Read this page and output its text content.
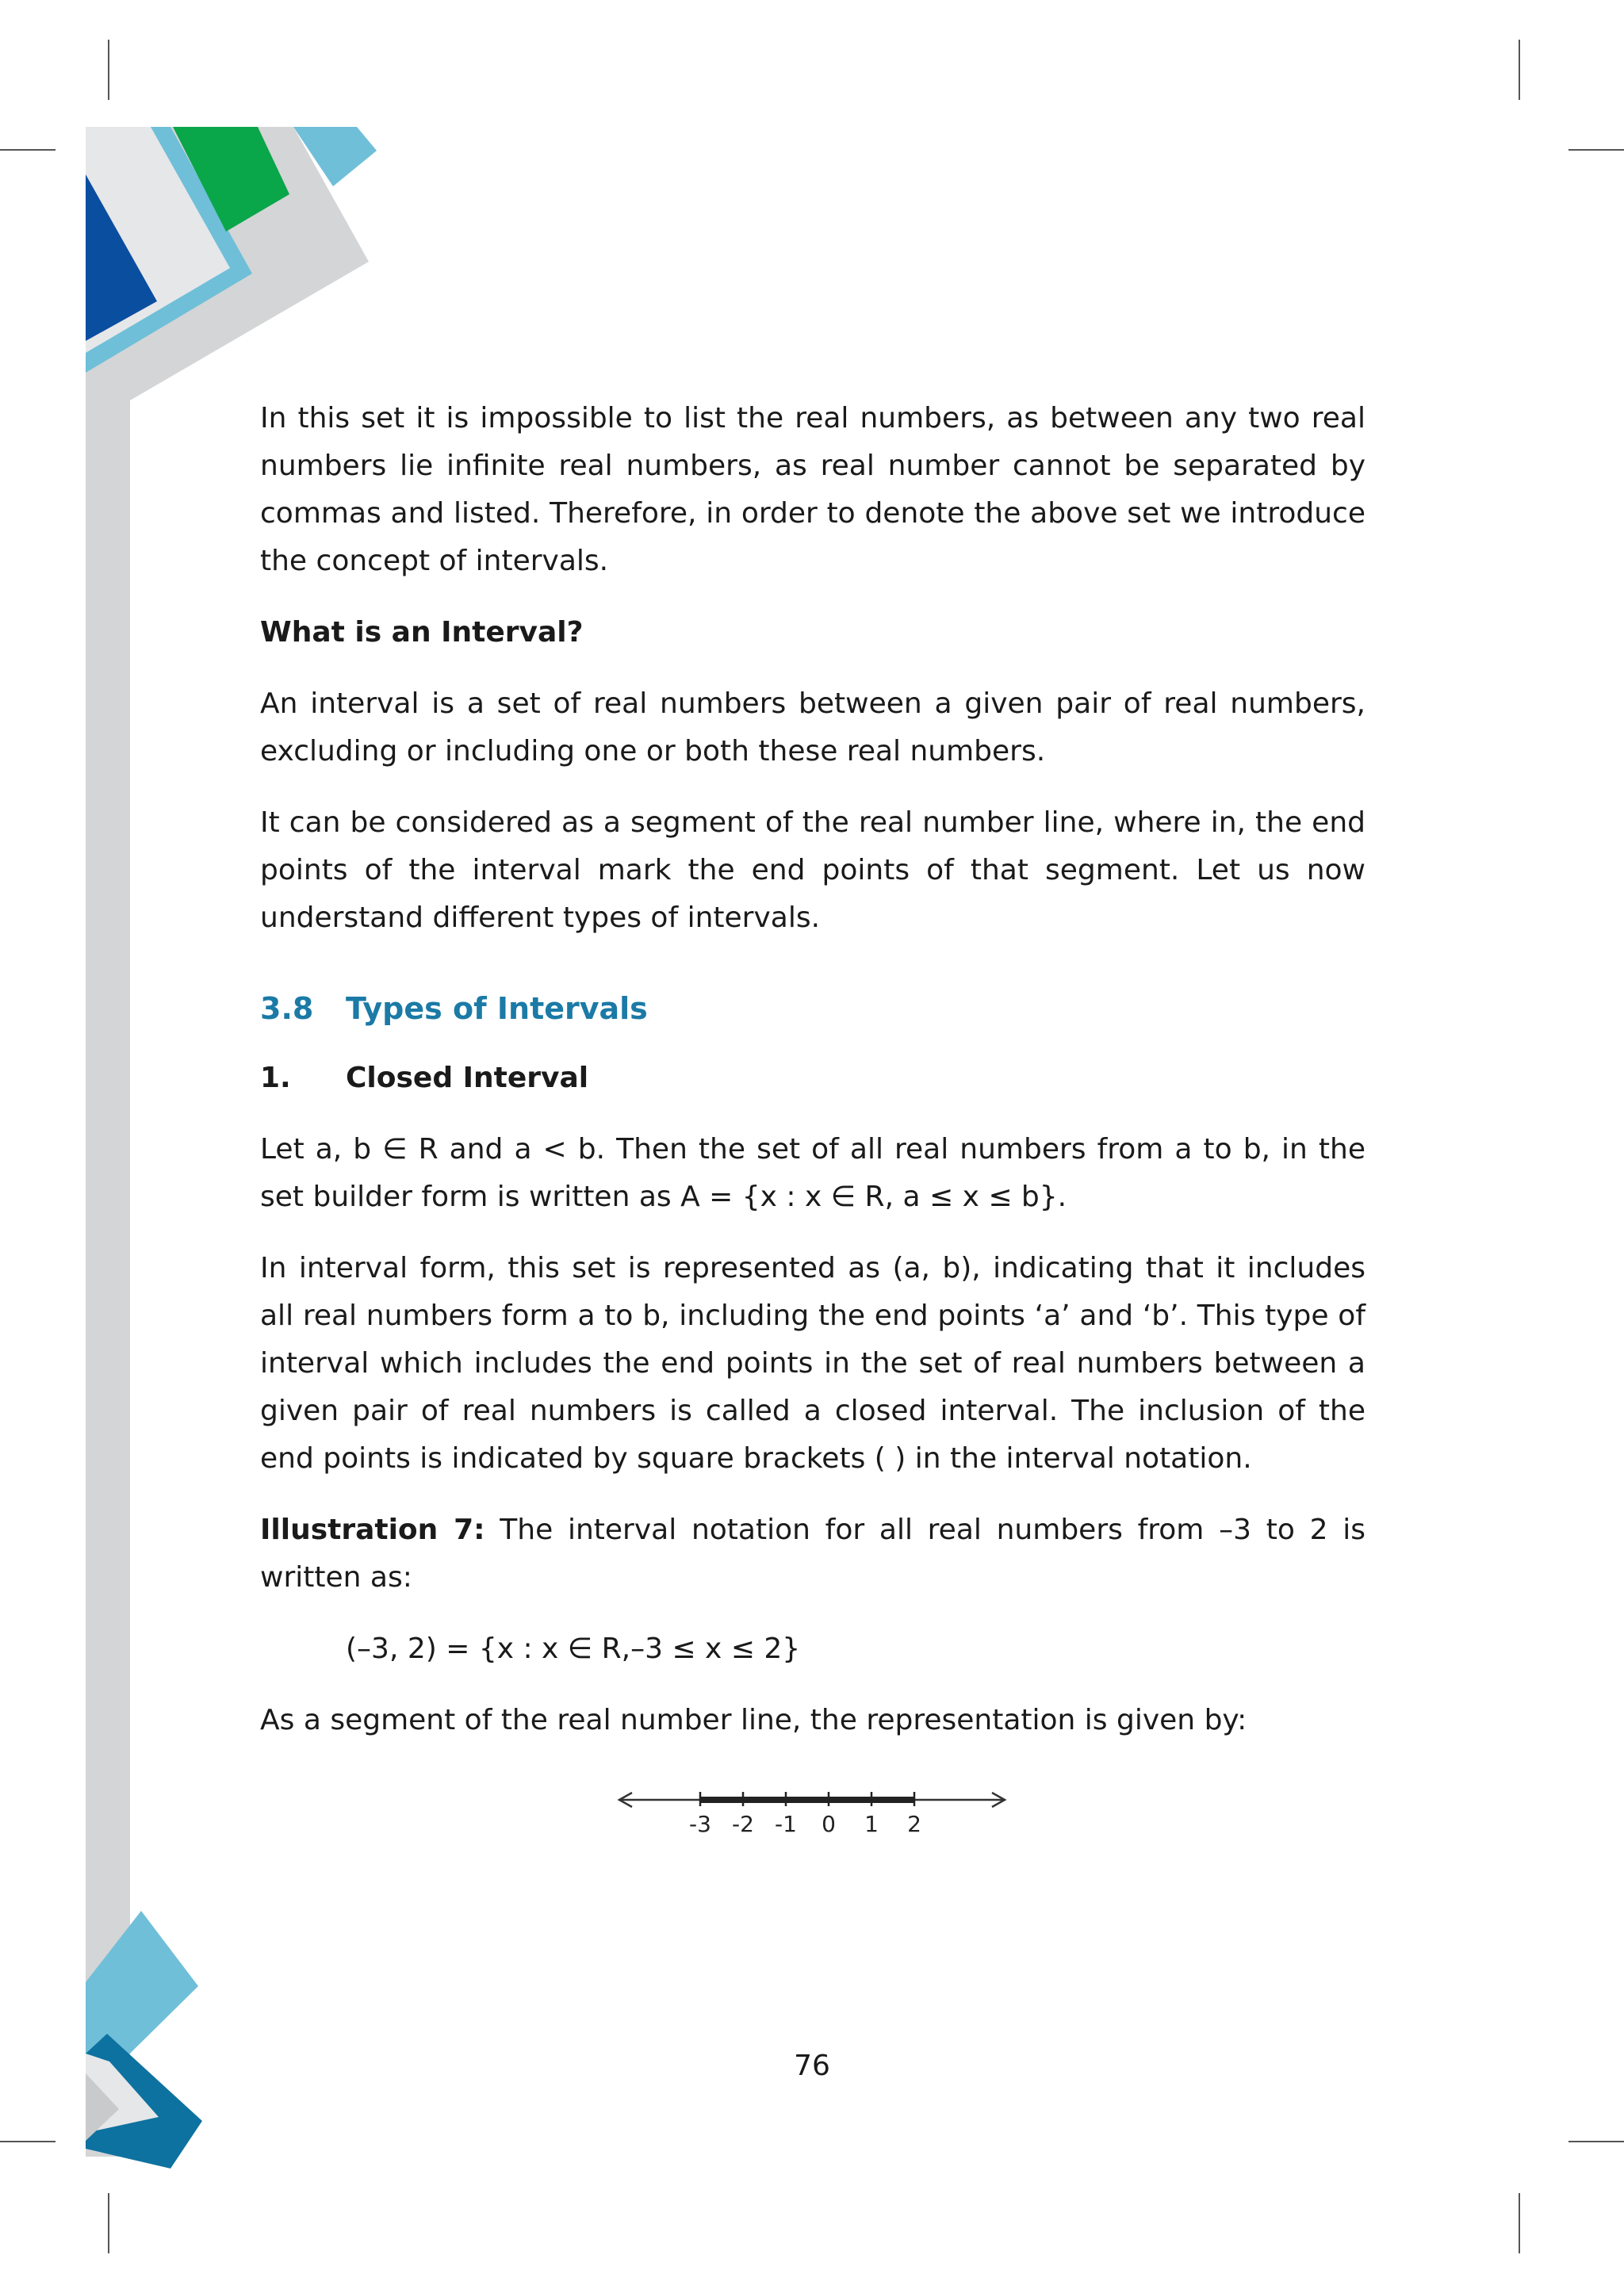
In this set it is impossible to list the real numbers, as between any two real numbers lie infinite real numbers, as real number cannot be separated by commas and listed. Therefore, in order to denote the above set we introduce the concept of intervals.

What is an Interval?

An interval is a set of real numbers between a given pair of real numbers, excluding or including one or both these real numbers.

It can be considered as a segment of the real number line, where in, the end points of the interval mark the end points of that segment. Let us now understand different types of intervals.

3.8	Types of Intervals
1.	Closed Interval

Let a, b ∈ R and a < b. Then the set of all real numbers from a to b, in the set builder form is written as A = {x : x ∈ R, a ≤ x ≤ b}.

In interval form, this set is represented as (a, b), indicating that it includes all real numbers form a to b, including the end points ‘a’ and ‘b’. This type of interval which includes the end points in the set of real numbers between a given pair of real numbers is called a closed interval. The inclusion of the end points is indicated by square brackets ( ) in the interval notation.

Illustration 7: The interval notation for all real numbers from –3 to 2 is written as:

(–3, 2) = {x : x ∈ R,–3 ≤ x ≤ 2}

As a segment of the real number line, the representation is given by:

-3 -2 -1 0 1 2
76
